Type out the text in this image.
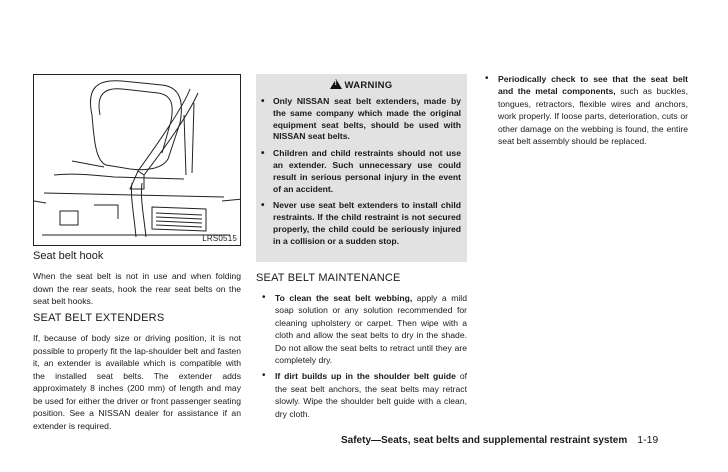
LRS0515
Seat belt hook

When the seat belt is not in use and when folding down the rear seats, hook the rear seat belts on the seat belt hooks.

SEAT BELT EXTENDERS

If, because of body size or driving position, it is not possible to properly fit the lap-shoulder belt and fasten it, an extender is available which is compatible with the installed seat belts. The extender adds approximately 8 inches (200 mm) of length and may be used for either the driver or front passenger seating position. See a NISSAN dealer for assistance if an extender is required.

!WARNING
• Only NISSAN seat belt extenders, made by the same company which made the original equipment seat belts, should be used with NISSAN seat belts.
• Children and child restraints should not use an extender. Such unnecessary use could result in serious personal injury in the event of an accident.
• Never use seat belt extenders to install child restraints. If the child restraint is not secured properly, the child could be seriously injured in a collision or a sudden stop.
SEAT BELT MAINTENANCE
• To clean the seat belt webbing, apply a mild soap solution or any solution recommended for cleaning upholstery or carpet. Then wipe with a cloth and allow the seat belts to dry in the shade. Do not allow the seat belts to retract until they are completely dry.
• If dirt builds up in the shoulder belt guide of the seat belt anchors, the seat belts may retract slowly. Wipe the shoulder belt guide with a clean, dry cloth.
• Periodically check to see that the seat belt and the metal components, such as buckles, tongues, retractors, flexible wires and anchors, work properly. If loose parts, deterioration, cuts or other damage on the webbing is found, the entire seat belt assembly should be replaced.
Safety—Seats, seat belts and supplemental restraint system 1-19
